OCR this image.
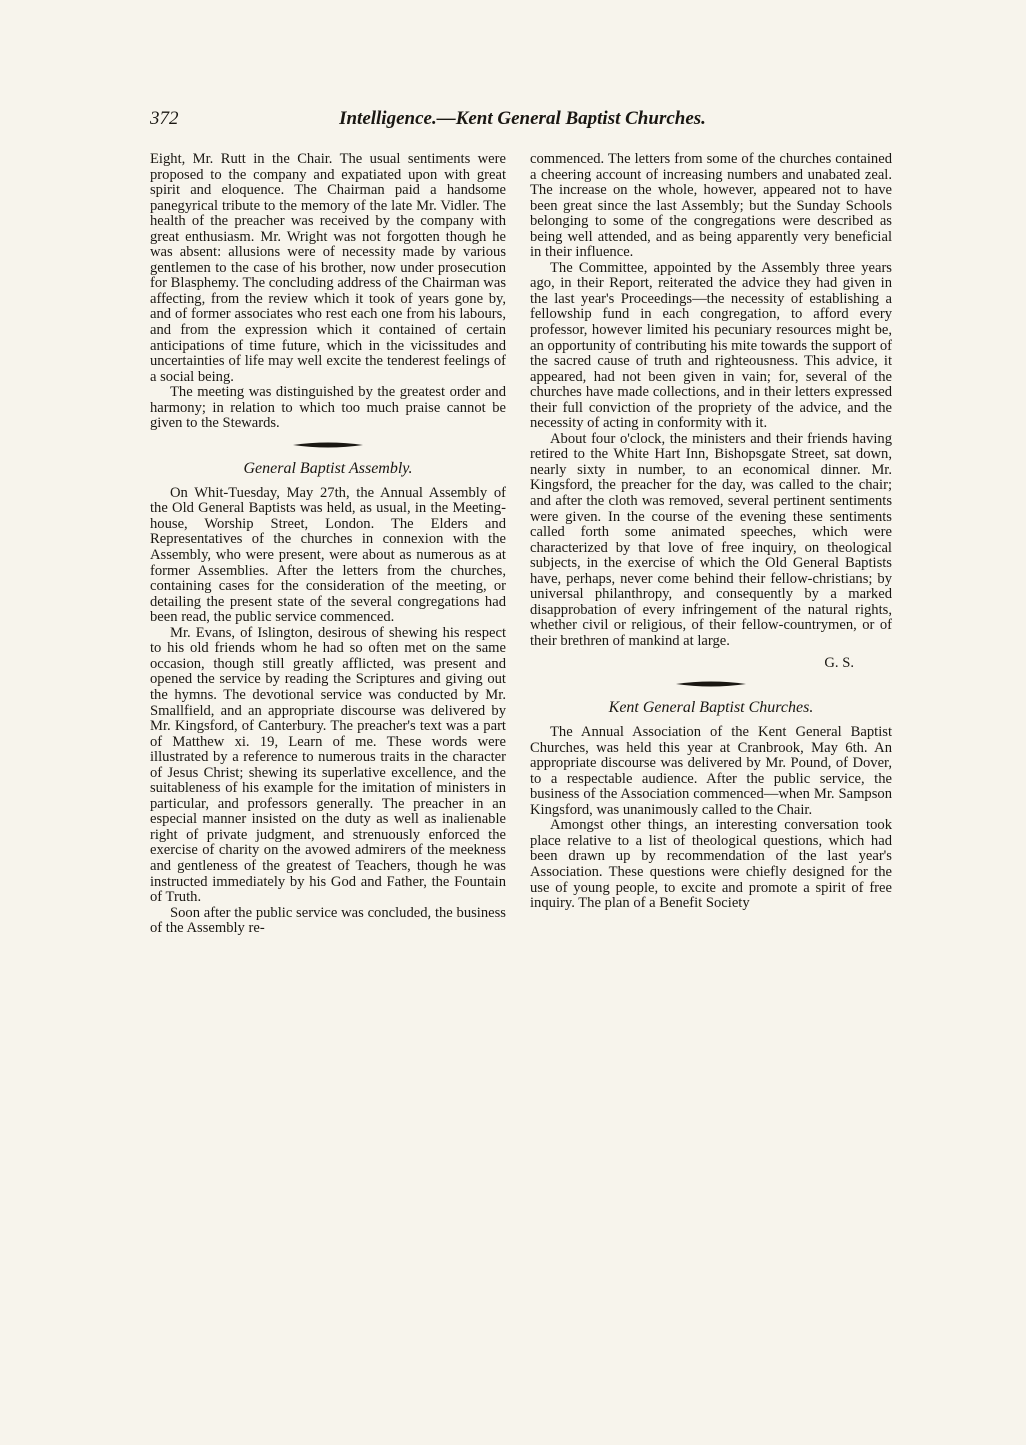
372	Intelligence.—Kent General Baptist Churches.

Eight, Mr. Rutt in the Chair. The usual sentiments were proposed to the company and expatiated upon with great spirit and eloquence. The Chairman paid a handsome panegyrical tribute to the memory of the late Mr. Vidler. The health of the preacher was received by the company with great enthusiasm. Mr. Wright was not forgotten though he was absent: allusions were of necessity made by various gentlemen to the case of his brother, now under prosecution for Blasphemy. The concluding address of the Chairman was affecting, from the review which it took of years gone by, and of former associates who rest each one from his labours, and from the expression which it contained of certain anticipations of time future, which in the vicissitudes and uncertainties of life may well excite the tenderest feelings of a social being.

The meeting was distinguished by the greatest order and harmony; in relation to which too much praise cannot be given to the Stewards.

General Baptist Assembly.

On Whit-Tuesday, May 27th, the Annual Assembly of the Old General Baptists was held, as usual, in the Meeting-house, Worship Street, London. The Elders and Representatives of the churches in connexion with the Assembly, who were present, were about as numerous as at former Assemblies. After the letters from the churches, containing cases for the consideration of the meeting, or detailing the present state of the several congregations had been read, the public service commenced.

Mr. Evans, of Islington, desirous of shewing his respect to his old friends whom he had so often met on the same occasion, though still greatly afflicted, was present and opened the service by reading the Scriptures and giving out the hymns. The devotional service was conducted by Mr. Smallfield, and an appropriate discourse was delivered by Mr. Kingsford, of Canterbury. The preacher's text was a part of Matthew xi. 19, Learn of me. These words were illustrated by a reference to numerous traits in the character of Jesus Christ; shewing its superlative excellence, and the suitableness of his example for the imitation of ministers in particular, and professors generally. The preacher in an especial manner insisted on the duty as well as inalienable right of private judgment, and strenuously enforced the exercise of charity on the avowed admirers of the meekness and gentleness of the greatest of Teachers, though he was instructed immediately by his God and Father, the Fountain of Truth.

Soon after the public service was concluded, the business of the Assembly re-

commenced. The letters from some of the churches contained a cheering account of increasing numbers and unabated zeal. The increase on the whole, however, appeared not to have been great since the last Assembly; but the Sunday Schools belonging to some of the congregations were described as being well attended, and as being apparently very beneficial in their influence.

The Committee, appointed by the Assembly three years ago, in their Report, reiterated the advice they had given in the last year's Proceedings—the necessity of establishing a fellowship fund in each congregation, to afford every professor, however limited his pecuniary resources might be, an opportunity of contributing his mite towards the support of the sacred cause of truth and righteousness. This advice, it appeared, had not been given in vain; for, several of the churches have made collections, and in their letters expressed their full conviction of the propriety of the advice, and the necessity of acting in conformity with it.

About four o'clock, the ministers and their friends having retired to the White Hart Inn, Bishopsgate Street, sat down, nearly sixty in number, to an economical dinner. Mr. Kingsford, the preacher for the day, was called to the chair; and after the cloth was removed, several pertinent sentiments were given. In the course of the evening these sentiments called forth some animated speeches, which were characterized by that love of free inquiry, on theological subjects, in the exercise of which the Old General Baptists have, perhaps, never come behind their fellow-christians; by universal philanthropy, and consequently by a marked disapprobation of every infringement of the natural rights, whether civil or religious, of their fellow-countrymen, or of their brethren of mankind at large.

G. S.
Kent General Baptist Churches.

The Annual Association of the Kent General Baptist Churches, was held this year at Cranbrook, May 6th. An appropriate discourse was delivered by Mr. Pound, of Dover, to a respectable audience. After the public service, the business of the Association commenced—when Mr. Sampson Kingsford, was unanimously called to the Chair.

Amongst other things, an interesting conversation took place relative to a list of theological questions, which had been drawn up by recommendation of the last year's Association. These questions were chiefly designed for the use of young people, to excite and promote a spirit of free inquiry. The plan of a Benefit Society
